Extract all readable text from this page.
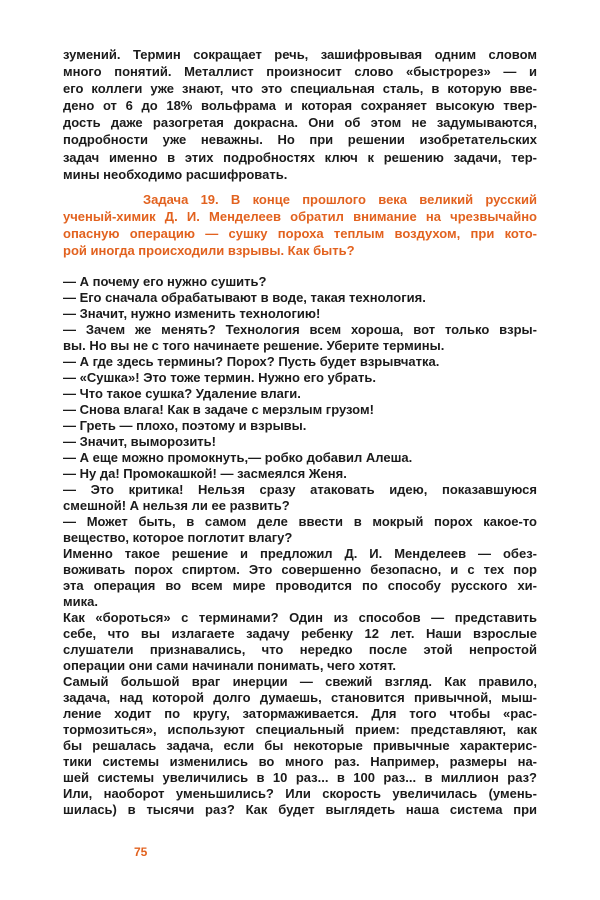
зумений. Термин сокращает речь, зашифровывая одним словом
много понятий. Металлист произносит слово «быстрорез» — и
его коллеги уже знают, что это специальная сталь, в которую вве-
дено от 6 до 18% вольфрама и которая сохраняет высокую твер-
дость даже разогретая докрасна. Они об этом не задумываются,
подробности уже неважны. Но при решении изобретательских
задач именно в этих подробностях ключ к решению задачи, тер-
мины необходимо расшифровать.
Задача 19. В конце прошлого века великий русский
ученый-химик Д. И. Менделеев обратил внимание на чрезвычайно
опасную операцию — сушку пороха теплым воздухом, при кото-
рой иногда происходили взрывы. Как быть?
— А почему его нужно сушить?
— Его сначала обрабатывают в воде, такая технология.
— Значит, нужно изменить технологию!
— Зачем же менять? Технология всем хороша, вот только взры-
вы. Но вы не с того начинаете решение. Уберите термины.
— А где здесь термины? Порох? Пусть будет взрывчатка.
— «Сушка»! Это тоже термин. Нужно его убрать.
— Что такое сушка? Удаление влаги.
— Снова влага! Как в задаче с мерзлым грузом!
— Греть — плохо, поэтому и взрывы.
— Значит, выморозить!
— А еще можно промокнуть,— робко добавил Алеша.
— Ну да! Промокашкой! — засмеялся Женя.
— Это критика! Нельзя сразу атаковать идею, показавшуюся
смешной! А нельзя ли ее развить?
— Может быть, в самом деле ввести в мокрый порох какое-то
вещество, которое поглотит влагу?
Именно такое решение и предложил Д. И. Менделеев — обез-
воживать порох спиртом. Это совершенно безопасно, и с тех пор
эта операция во всем мире проводится по способу русского хи-
мика.
Как «бороться» с терминами? Один из способов — представить
себе, что вы излагаете задачу ребенку 12 лет. Наши взрослые
слушатели признавались, что нередко после этой непростой
операции они сами начинали понимать, чего хотят.
Самый большой враг инерции — свежий взгляд. Как правило,
задача, над которой долго думаешь, становится привычной, мыш-
ление ходит по кругу, затормаживается. Для того чтобы «рас-
тормозиться», используют специальный прием: представляют, как
бы решалась задача, если бы некоторые привычные характерис-
тики системы изменились во много раз. Например, размеры на-
шей системы увеличились в 10 раз... в 100 раз... в миллион раз?
Или, наоборот уменьшились? Или скорость увеличилась (умень-
шилась) в тысячи раз? Как будет выглядеть наша система при
75
